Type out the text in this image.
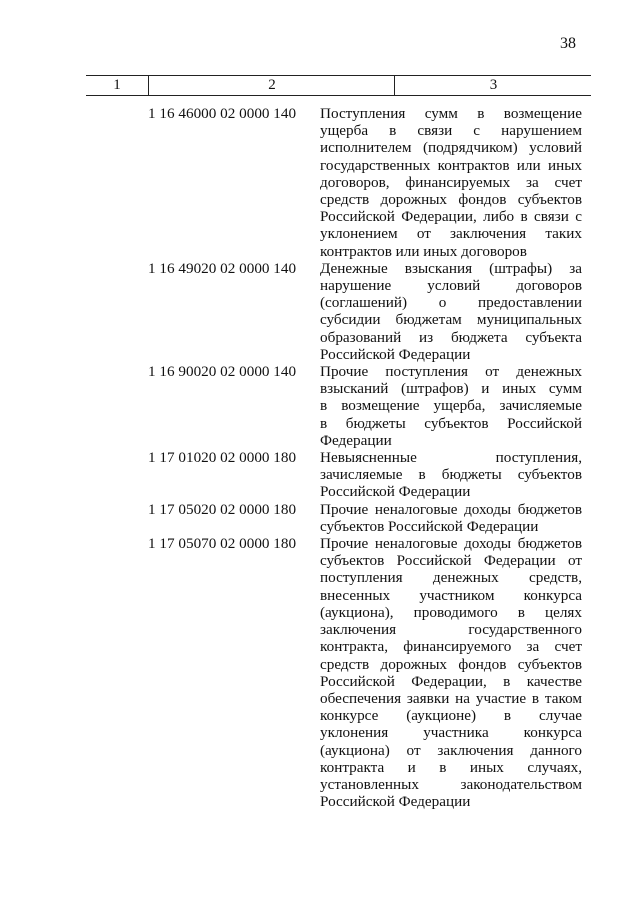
38
1	2	3
1 16 46000 02 0000 140	Поступления сумм в возмещение
ущерба в связи с нарушением
исполнителем (подрядчиком) условий
государственных контрактов или иных
договоров, финансируемых за счет
средств дорожных фондов субъектов
Российской Федерации, либо в связи с
уклонением от заключения таких
контрактов или иных договоров
1 16 49020 02 0000 140	Денежные взыскания (штрафы) за
нарушение условий договоров
(соглашений) о предоставлении
субсидии бюджетам муниципальных
образований из бюджета субъекта
Российской Федерации
1 16 90020 02 0000 140	Прочие поступления от денежных
взысканий (штрафов) и иных сумм
в возмещение ущерба, зачисляемые
в бюджеты субъектов Российской
Федерации
1 17 01020 02 0000 180	Невыясненные поступления,
зачисляемые в бюджеты субъектов
Российской Федерации
1 17 05020 02 0000 180	Прочие неналоговые доходы бюджетов
субъектов Российской Федерации
1 17 05070 02 0000 180	Прочие неналоговые доходы бюджетов
субъектов Российской Федерации от
поступления денежных средств,
внесенных участником конкурса
(аукциона), проводимого в целях
заключения государственного
контракта, финансируемого за счет
средств дорожных фондов субъектов
Российской Федерации, в качестве
обеспечения заявки на участие в таком
конкурсе (аукционе) в случае
уклонения участника конкурса
(аукциона) от заключения данного
контракта и в иных случаях,
установленных законодательством
Российской Федерации
